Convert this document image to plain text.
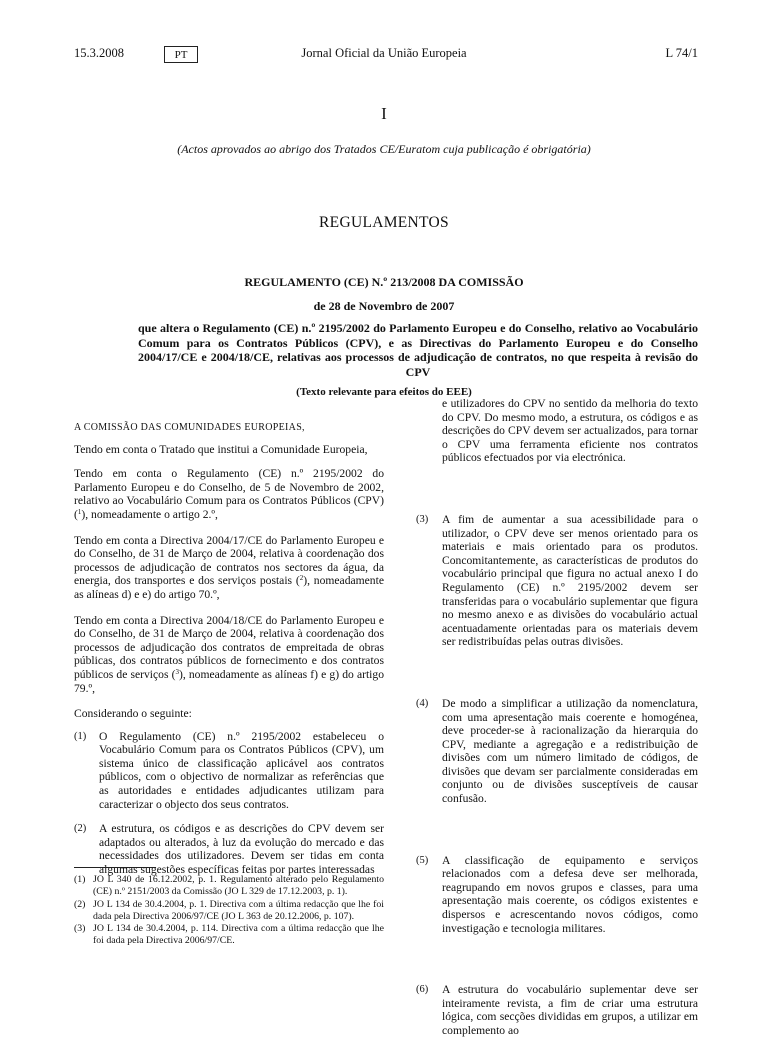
15.3.2008	PT	Jornal Oficial da União Europeia	L 74/1
I
(Actos aprovados ao abrigo dos Tratados CE/Euratom cuja publicação é obrigatória)
REGULAMENTOS
REGULAMENTO (CE) N.º 213/2008 DA COMISSÃO
de 28 de Novembro de 2007
que altera o Regulamento (CE) n.º 2195/2002 do Parlamento Europeu e do Conselho, relativo ao Vocabulário Comum para os Contratos Públicos (CPV), e as Directivas do Parlamento Europeu e do Conselho 2004/17/CE e 2004/18/CE, relativas aos processos de adjudicação de contratos, no que respeita à revisão do CPV
(Texto relevante para efeitos do EEE)

A COMISSÃO DAS COMUNIDADES EUROPEIAS,

Tendo em conta o Tratado que institui a Comunidade Europeia,

Tendo em conta o Regulamento (CE) n.º 2195/2002 do Parlamento Europeu e do Conselho, de 5 de Novembro de 2002, relativo ao Vocabulário Comum para os Contratos Públicos (CPV) ($^1$), nomeadamente o artigo 2.º,

Tendo em conta a Directiva 2004/17/CE do Parlamento Europeu e do Conselho, de 31 de Março de 2004, relativa à coordenação dos processos de adjudicação de contratos nos sectores da água, da energia, dos transportes e dos serviços postais ($^2$), nomeadamente as alíneas d) e e) do artigo 70.º,

Tendo em conta a Directiva 2004/18/CE do Parlamento Europeu e do Conselho, de 31 de Março de 2004, relativa à coordenação dos processos de adjudicação dos contratos de empreitada de obras públicas, dos contratos públicos de fornecimento e dos contratos públicos de serviços ($^3$), nomeadamente as alíneas f) e g) do artigo 79.º,

Considerando o seguinte:

(1) O Regulamento (CE) n.º 2195/2002 estabeleceu o Vocabulário Comum para os Contratos Públicos (CPV), um sistema único de classificação aplicável aos contratos públicos, com o objectivo de normalizar as referências que as autoridades e entidades adjudicantes utilizam para caracterizar o objecto dos seus contratos.
(2) A estrutura, os códigos e as descrições do CPV devem ser adaptados ou alterados, à luz da evolução do mercado e das necessidades dos utilizadores. Devem ser tidas em conta algumas sugestões específicas feitas por partes interessadas
(1) JO L 340 de 16.12.2002, p. 1. Regulamento alterado pelo Regulamento (CE) n.º 2151/2003 da Comissão (JO L 329 de 17.12.2003, p. 1).
(2) JO L 134 de 30.4.2004, p. 1. Directiva com a última redacção que lhe foi dada pela Directiva 2006/97/CE (JO L 363 de 20.12.2006, p. 107).
(3) JO L 134 de 30.4.2004, p. 114. Directiva com a última redacção que lhe foi dada pela Directiva 2006/97/CE.
e utilizadores do CPV no sentido da melhoria do texto do CPV. Do mesmo modo, a estrutura, os códigos e as descrições do CPV devem ser actualizados, para tornar o CPV uma ferramenta eficiente nos contratos públicos efectuados por via electrónica.
(3) A fim de aumentar a sua acessibilidade para o utilizador, o CPV deve ser menos orientado para os materiais e mais orientado para os produtos. Concomitantemente, as características de produtos do vocabulário principal que figura no actual anexo I do Regulamento (CE) n.º 2195/2002 devem ser transferidas para o vocabulário suplementar que figura no mesmo anexo e as divisões do vocabulário actual acentuadamente orientadas para os materiais devem ser redistribuídas pelas outras divisões.
(4) De modo a simplificar a utilização da nomenclatura, com uma apresentação mais coerente e homogénea, deve proceder-se à racionalização da hierarquia do CPV, mediante a agregação e a redistribuição de divisões com um número limitado de códigos, de divisões que devam ser parcialmente consideradas em conjunto ou de divisões susceptíveis de causar confusão.
(5) A classificação de equipamento e serviços relacionados com a defesa deve ser melhorada, reagrupando em novos grupos e classes, para uma apresentação mais coerente, os códigos existentes e dispersos e acrescentando novos códigos, como investigação e tecnologia militares.
(6) A estrutura do vocabulário suplementar deve ser inteiramente revista, a fim de criar uma estrutura lógica, com secções divididas em grupos, a utilizar em complemento ao
